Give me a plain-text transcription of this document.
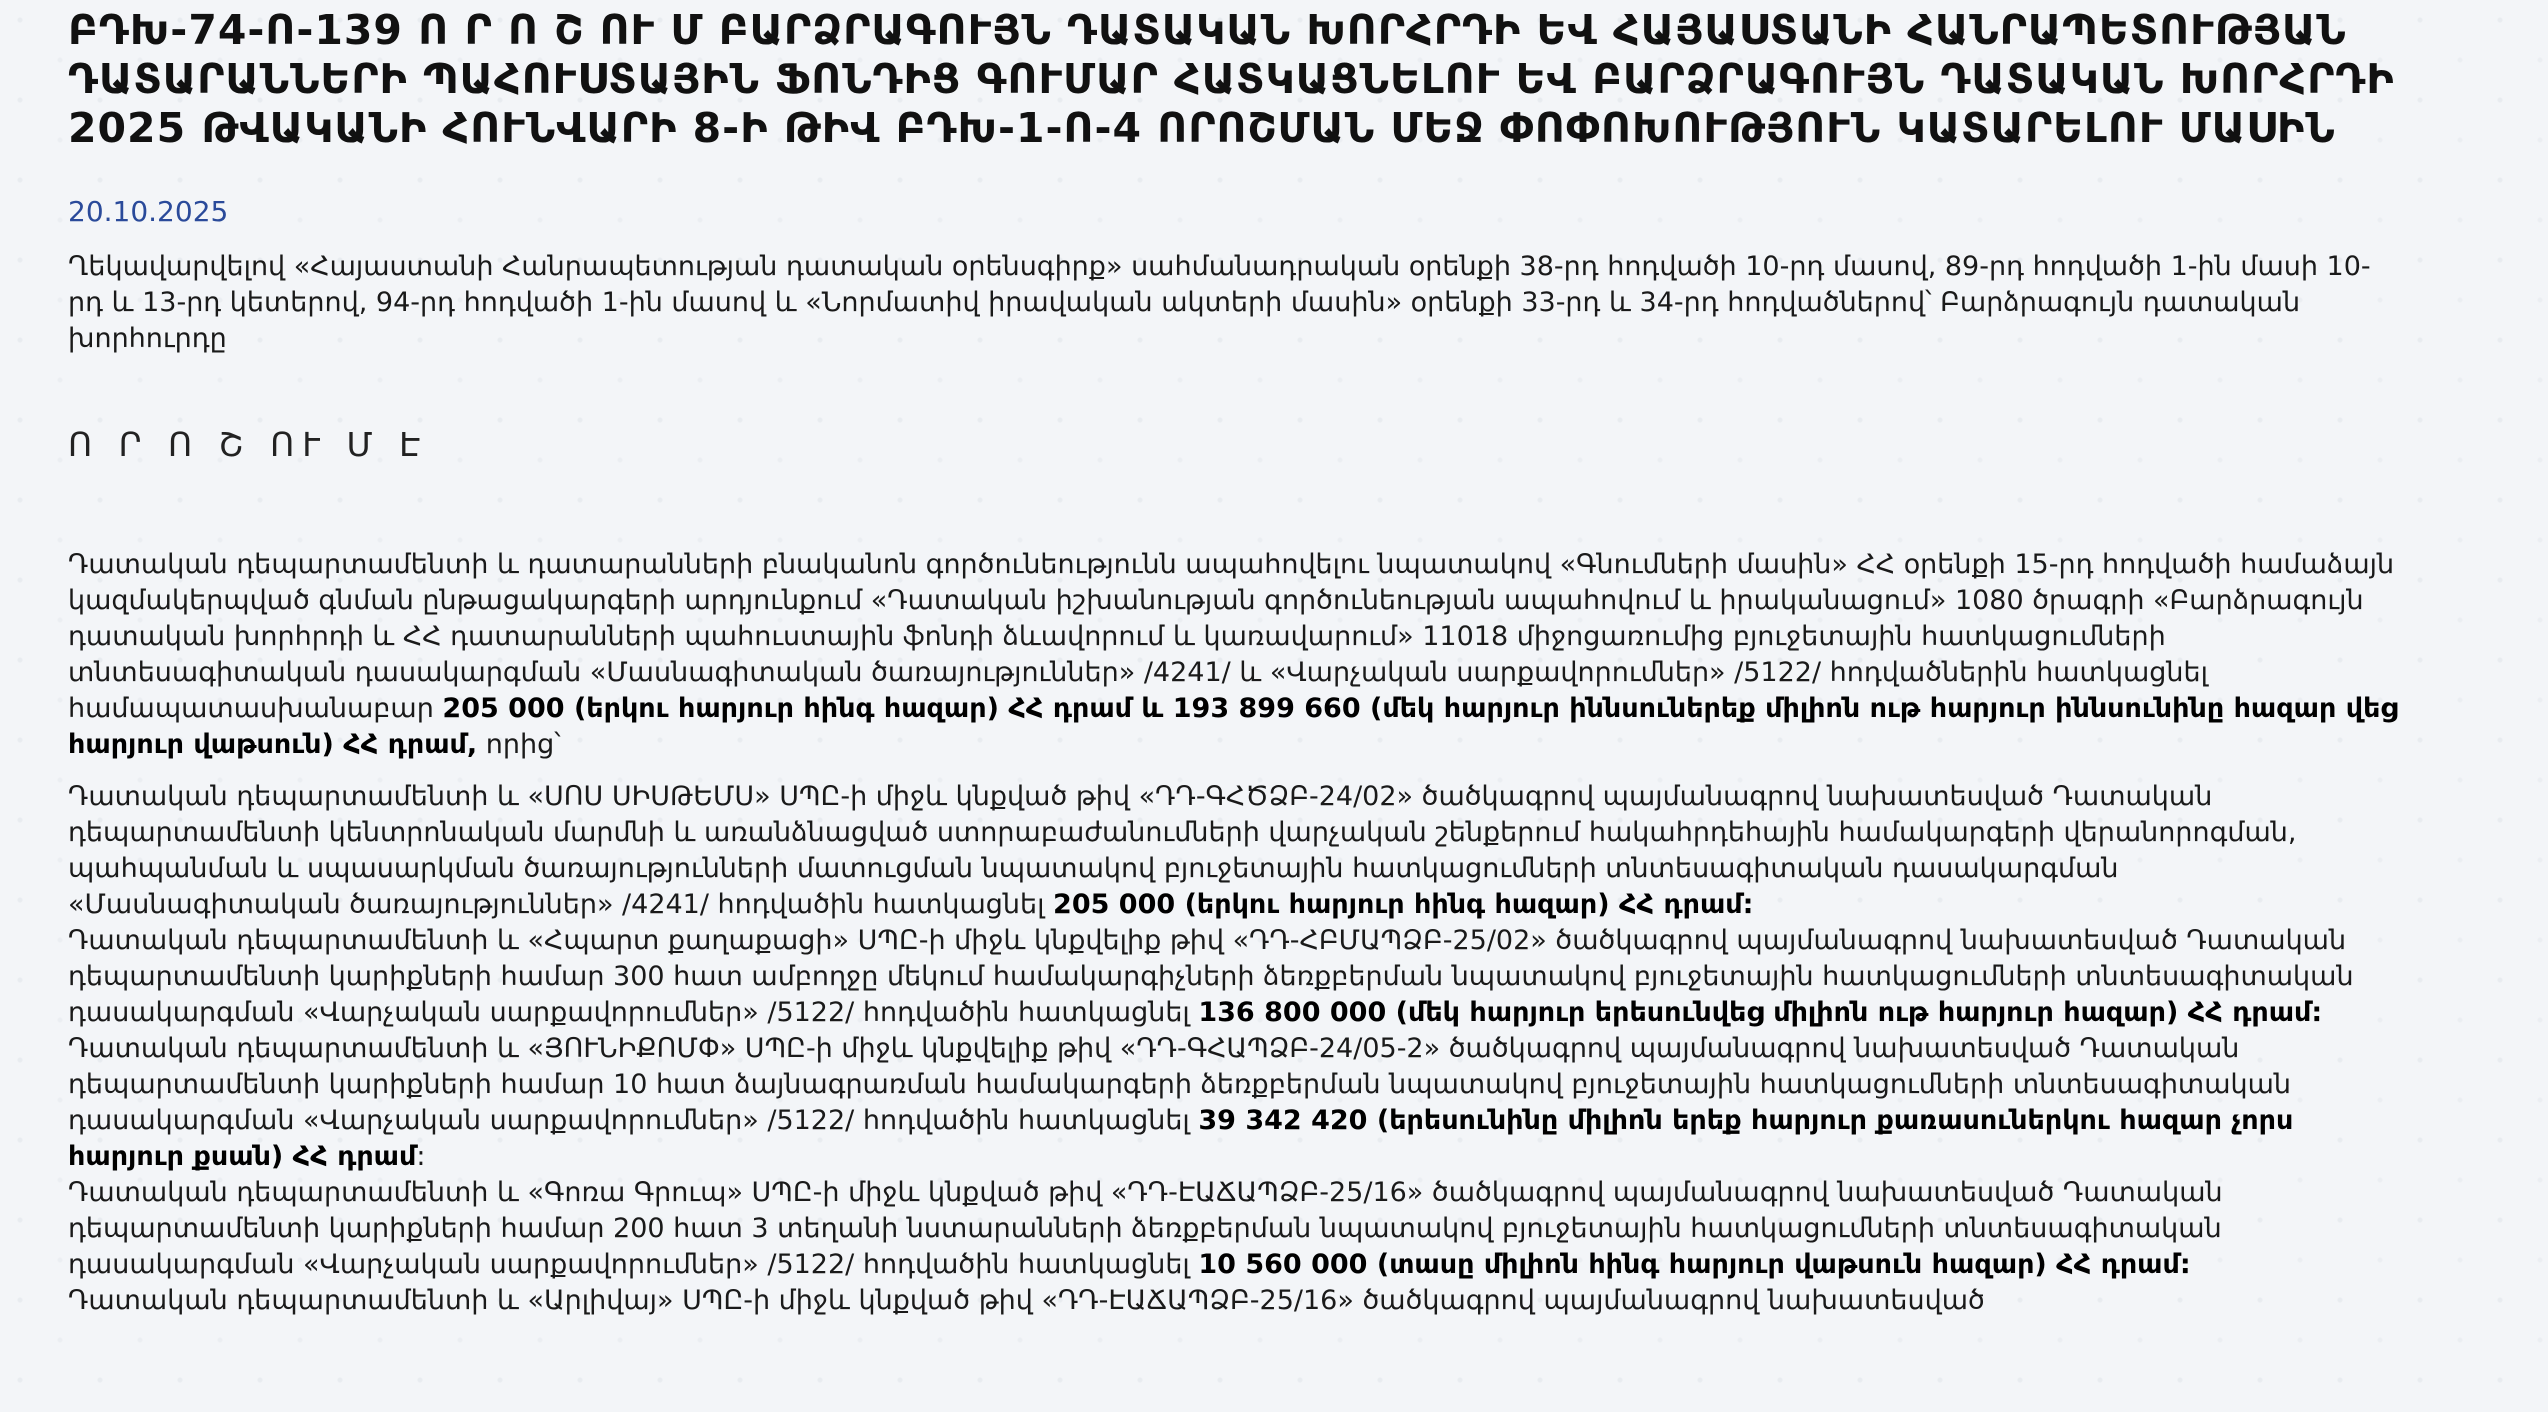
ԲԴԽ-74-Ո-139 Ո Ր Ո Շ ՈՒ Մ ԲԱՐՁՐԱԳՈՒՅՆ ԴԱՏԱԿԱՆ ԽՈՐՀՐԴԻ ԵՎ ՀԱՅԱՍՏԱՆԻ ՀԱՆՐԱՊԵՏՈՒԹՅԱՆ ԴԱՏԱՐԱՆՆԵՐԻ ՊԱՀՈՒՍՏԱՅԻՆ ՖՈՆԴԻՑ ԳՈՒՄԱՐ ՀԱՏԿԱՑՆԵԼՈՒ ԵՎ ԲԱՐՁՐԱԳՈՒՅՆ ԴԱՏԱԿԱՆ ԽՈՐՀՐԴԻ 2025 ԹՎԱԿԱՆԻ ՀՈՒՆՎԱՐԻ 8-Ի ԹԻՎ ԲԴԽ-1-Ո-4 ՈՐՈՇՄԱՆ ՄԵՋ ՓՈՓՈԽՈՒԹՅՈՒՆ ԿԱՏԱՐԵԼՈՒ ՄԱՍԻՆ
20.10.2025
Ղեկավարվելով «Հայաստանի Հանրապետության դատական օրենսգիրք» սահմանադրական օրենքի 38-րդ հոդվածի 10-րդ մասով, 89-րդ հոդվածի 1-ին մասի 10-րդ և 13-րդ կետերով, 94-րդ հոդվածի 1-ին մասով և «Նորմատիվ իրավական ակտերի մասին» օրենքի 33-րդ և 34-րդ հոդվածներով՝ Բարձրագույն դատական խորհուրդը
Ո Ր Ո Շ ՈՒ Մ Է
Դատական դեպարտամենտի և դատարանների բնականոն գործունեությունն ապահովելու նպատակով «Գնումների մասին» ՀՀ օրենքի 15-րդ հոդվածի համաձայն կազմակերպված գնման ընթացակարգերի արդյունքում «Դատական իշխանության գործունեության ապահովում և իրականացում» 1080 ծրագրի «Բարձրագույն դատական խորհրդի և ՀՀ դատարանների պահուստային ֆոնդի ձևավորում և կառավարում» 11018 միջոցառումից բյուջետային հատկացումների տնտեսագիտական դասակարգման «Մասնագիտական ծառայություններ» /4241/ և «Վարչական սարքավորումներ» /5122/ հոդվածներին հատկացնել համապատասխանաբար 205 000 (երկու հարյուր հինգ հազար) ՀՀ դրամ և 193 899 660 (մեկ հարյուր իննսուներեք միլիոն ութ հարյուր իննսունինը հազար վեց հարյուր վաթսուն) ՀՀ դրամ, որից՝
Դատական դեպարտամենտի և «ՍՈՍ ՍԻՍԹԵՄՍ» ՍՊԸ-ի միջև կնքված թիվ «ԴԴ-ԳՀԾՁԲ-24/02» ծածկագրով պայմանագրով նախատեսված Դատական դեպարտամենտի կենտրոնական մարմնի և առանձնացված ստորաբաժանումների վարչական շենքերում հակահրդեհային համակարգերի վերանորոգման, պահպանման և սպասարկման ծառայությունների մատուցման նպատակով բյուջետային հատկացումների տնտեսագիտական դասակարգման «Մասնագիտական ծառայություններ» /4241/ հոդվածին հատկացնել 205 000 (երկու հարյուր հինգ հազար) ՀՀ դրամ:
Դատական դեպարտամենտի և «Հպարտ քաղաքացի» ՍՊԸ-ի միջև կնքվելիք թիվ «ԴԴ-ՀԲՄԱՊՁԲ-25/02» ծածկագրով պայմանագրով նախատեսված Դատական դեպարտամենտի կարիքների համար 300 հատ ամբողջը մեկում համակարգիչների ձեռքբերման նպատակով բյուջետային հատկացումների տնտեսագիտական դասակարգման «Վարչական սարքավորումներ» /5122/ հոդվածին հատկացնել 136 800 000 (մեկ հարյուր երեսունվեց միլիոն ութ հարյուր հազար) ՀՀ դրամ:
Դատական դեպարտամենտի և «ՅՈՒՆԻՔՈՄՓ» ՍՊԸ-ի միջև կնքվելիք թիվ «ԴԴ-ԳՀԱՊՁԲ-24/05-2» ծածկագրով պայմանագրով նախատեսված Դատական դեպարտամենտի կարիքների համար 10 հատ ձայնագրառման համակարգերի ձեռքբերման նպատակով բյուջետային հատկացումների տնտեսագիտական դասակարգման «Վարչական սարքավորումներ» /5122/ հոդվածին հատկացնել 39 342 420 (երեսունինը միլիոն երեք հարյուր քառասուներկու հազար չորս հարյուր քսան) ՀՀ դրամ:
Դատական դեպարտամենտի և «Գոռա Գրուպ» ՍՊԸ-ի միջև կնքված թիվ «ԴԴ-ԷԱՃԱՊՁԲ-25/16» ծածկագրով պայմանագրով նախատեսված Դատական դեպարտամենտի կարիքների համար 200 հատ 3 տեղանի նստարանների ձեռքբերման նպատակով բյուջետային հատկացումների տնտեսագիտական դասակարգման «Վարչական սարքավորումներ» /5122/ հոդվածին հատկացնել 10 560 000 (տասը միլիոն հինգ հարյուր վաթսուն հազար) ՀՀ դրամ:
Դատական դեպարտամենտի և «Արլիվայ» ՍՊԸ-ի միջև կնքված թիվ «ԴԴ-ԷԱՃԱՊՁԲ-25/16» ծածկագրով պայմանագրով նախատեսված
